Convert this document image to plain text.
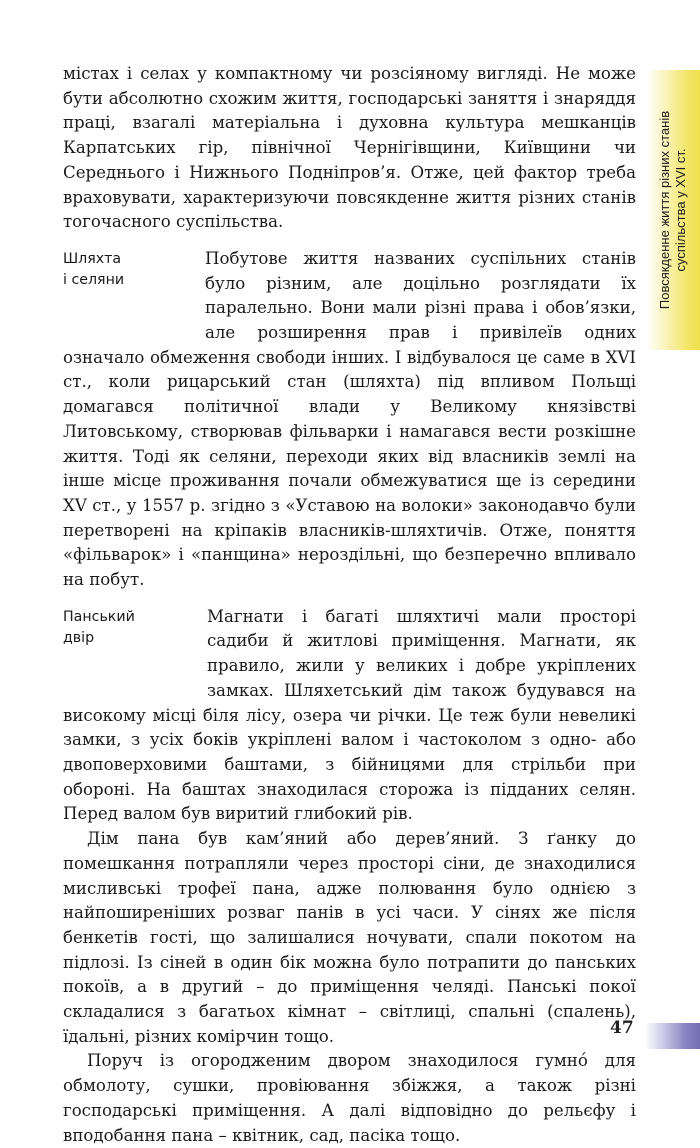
Повсякденне життя різних станів суспільства у XVI ст.

містах і селах у компактному чи розсіяному вигляді. Не може бути абсолютно схожим життя, господарські заняття і знаряддя праці, взагалі матеріальна і духовна культура мешканців Карпатських гір, північної Чернігівщини, Київщини чи Середнього і Нижнього Подніпров’я. Отже, цей фактор треба враховувати, характеризуючи повсякденне життя різних станів тогочасного суспільства.

Шляхта
і селяни

Побутове життя названих суспільних станів було різним, але доцільно розглядати їх паралельно. Вони мали різні права і обов’язки, але розширення прав і привілеїв одних означало обмеження свободи інших. І відбувалося це саме в XVI ст., коли рицарський стан (шляхта) під впливом Польщі домагався політичної влади у Великому князівстві Литовському, створював фільварки і намагався вести розкішне життя. Тоді як селяни, переходи яких від власників землі на інше місце проживання почали обмежуватися ще із середини XV ст., у 1557 р. згідно з «Уставою на волоки» законодавчо були перетворені на кріпаків власників-шляхтичів. Отже, поняття «фільварок» і «панщина» нероздільні, що безперечно впливало на побут.

Панський
двір

Магнати і багаті шляхтичі мали просторі садиби й житлові приміщення. Магнати, як правило, жили у великих і добре укріплених замках. Шляхетський дім також будувався на високому місці біля лісу, озера чи річки. Це теж були невеликі замки, з усіх боків укріплені валом і частоколом з одно- або двоповерховими баштами, з бійницями для стрільби при обороні. На баштах знаходилася сторожа із підданих селян. Перед валом був виритий глибокий рів.

Дім пана був кам’яний або дерев’яний. З ґанку до помешкання потрапляли через просторі сіни, де знаходилися мисливські трофеї пана, адже полювання було однією з найпоширеніших розваг панів в усі часи. У сінях же після бенкетів гості, що залишалися ночувати, спали покотом на підлозі. Із сіней в один бік можна було потрапити до панських покоїв, а в другий – до приміщення челяді. Панські покої складалися з багатьох кімнат – світлиці, спальні (спалень), їдальні, різних комірчин тощо.

Поруч із огородженим двором знаходилося гумнó для обмолоту, сушки, провіювання збіжжя, а також різні господарські приміщення. А далі відповідно до рельєфу і вподобання пана – квітник, сад, пасіка тощо.

47
